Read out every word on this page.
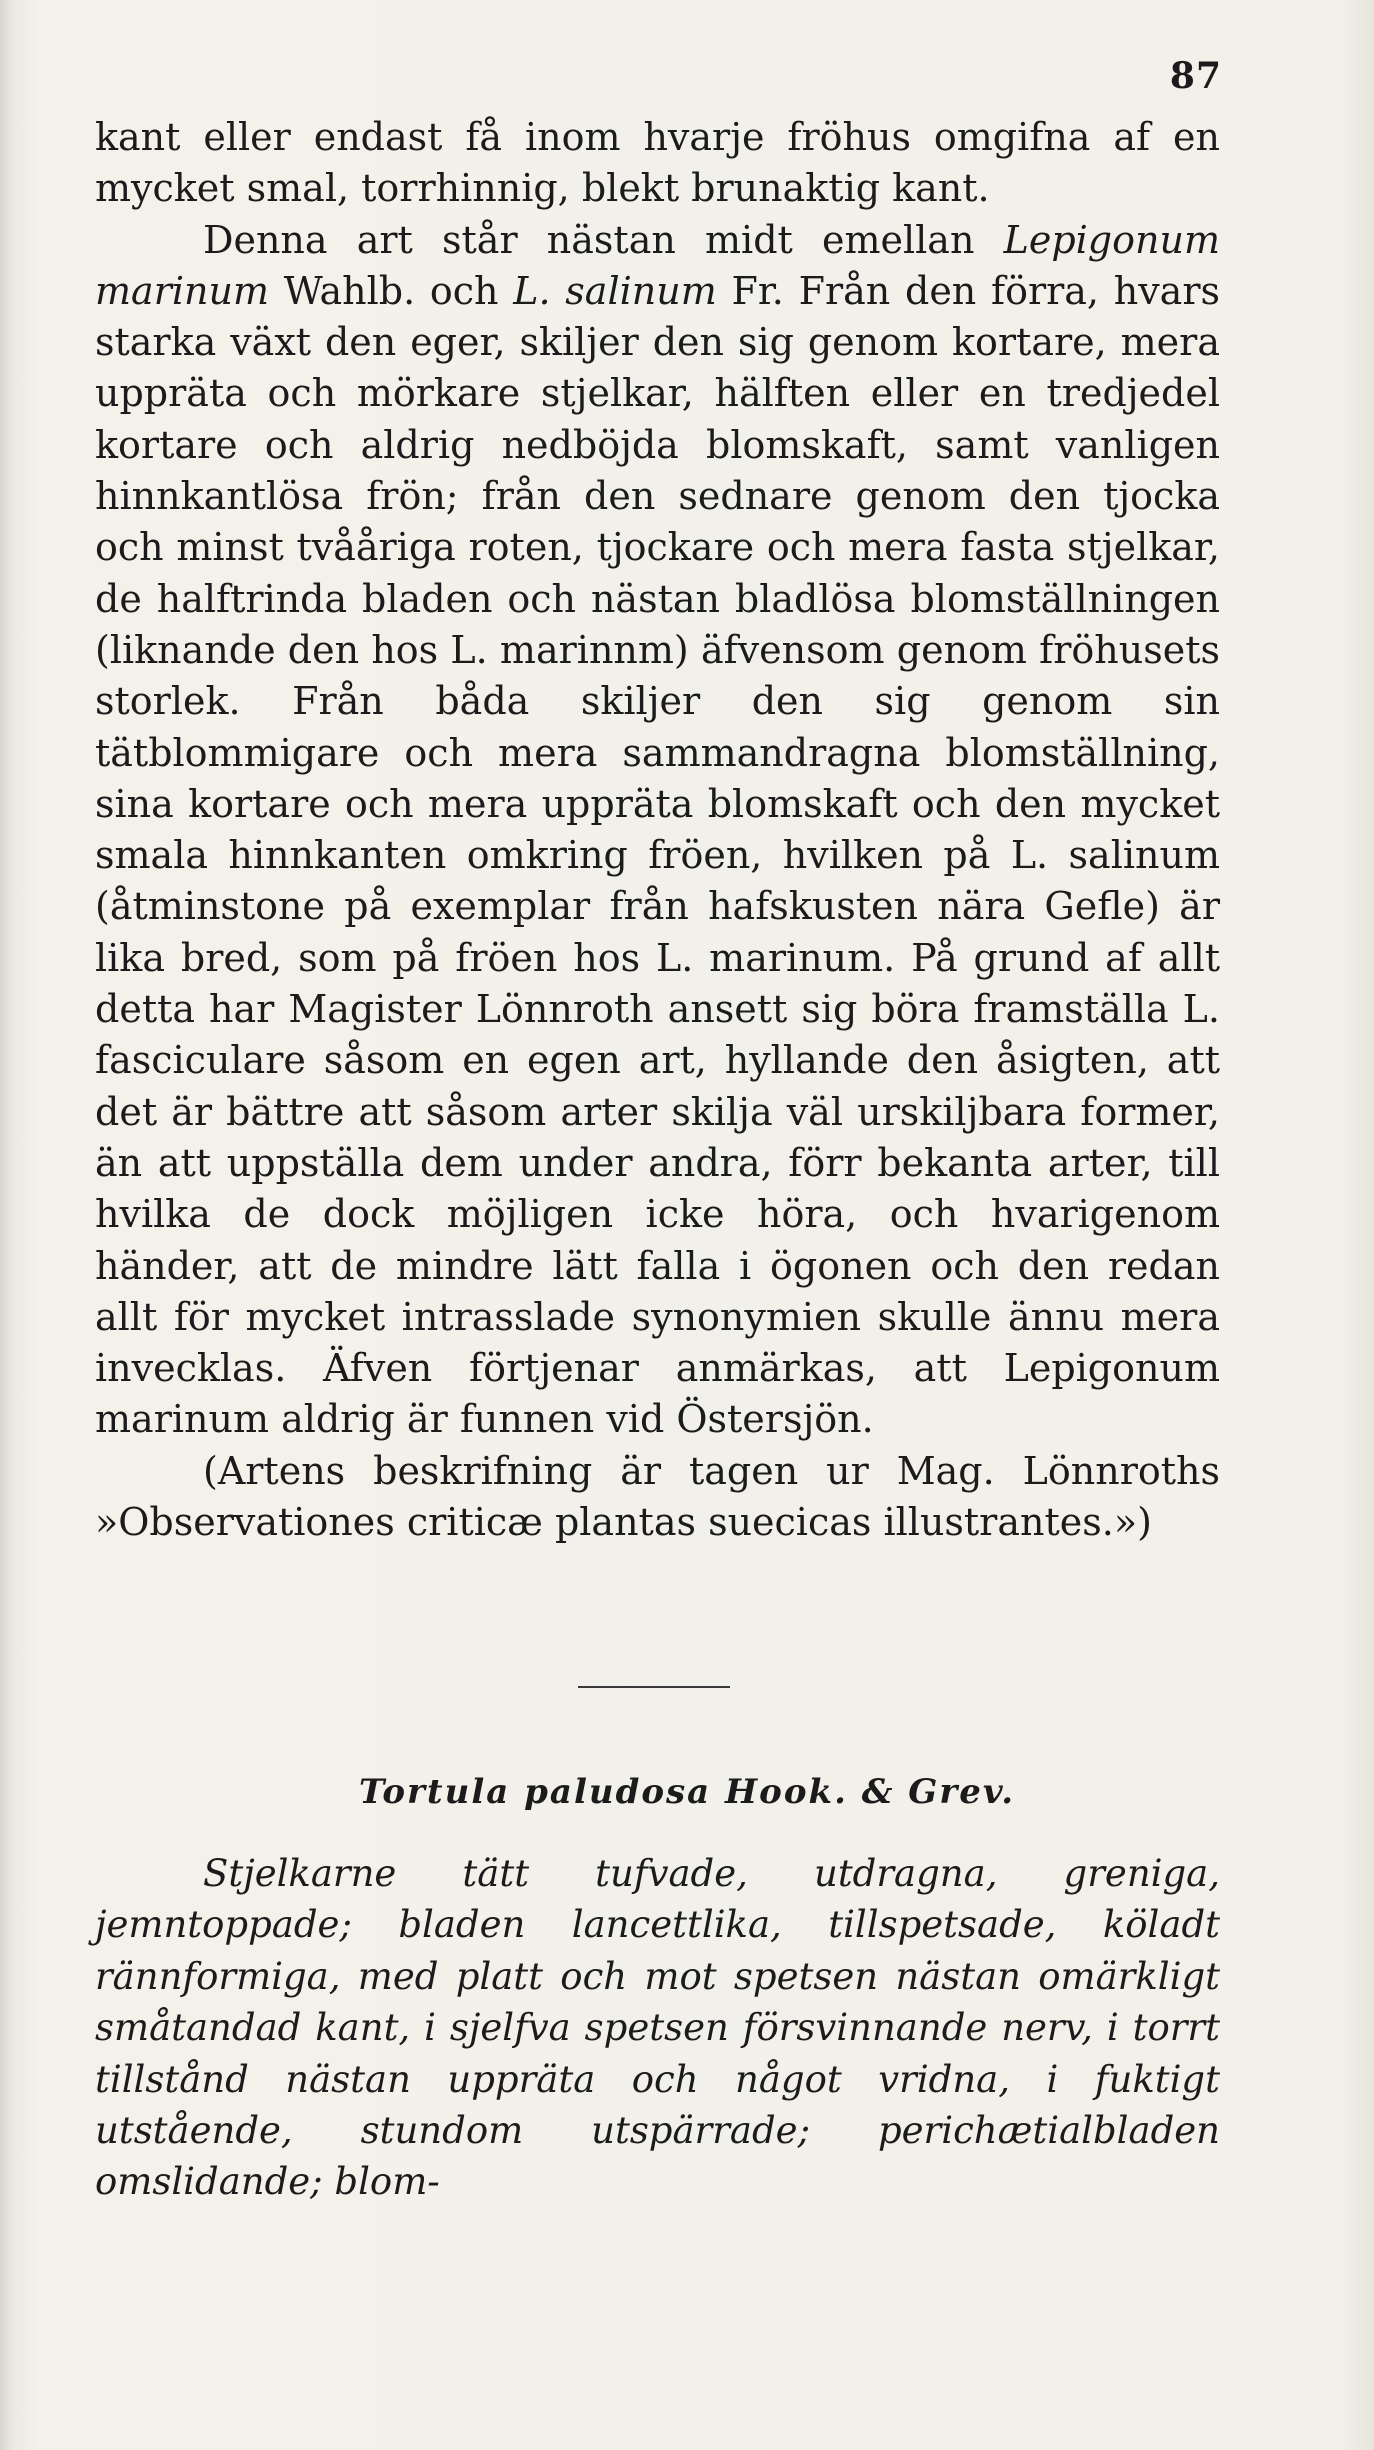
87

kant eller endast få inom hvarje fröhus omgifna af en mycket smal, torrhinnig, blekt brunaktig kant.

Denna art står nästan midt emellan Lepigonum marinum Wahlb. och L. salinum Fr. Från den förra, hvars starka växt den eger, skiljer den sig genom kortare, mera uppräta och mörkare stjelkar, hälften eller en tredjedel kortare och aldrig nedböjda blomskaft, samt vanligen hinnkantlösa frön; från den sednare genom den tjocka och minst tvååriga roten, tjockare och mera fasta stjelkar, de halftrinda bladen och nästan bladlösa blomställningen (liknande den hos L. marinnm) äfvensom genom fröhusets storlek. Från båda skiljer den sig genom sin tätblommigare och mera sammandragna blomställning, sina kortare och mera uppräta blomskaft och den mycket smala hinnkanten omkring fröen, hvilken på L. salinum (åtminstone på exemplar från hafskusten nära Gefle) är lika bred, som på fröen hos L. marinum. På grund af allt detta har Magister Lönnroth ansett sig böra framställa L. fasciculare såsom en egen art, hyllande den åsigten, att det är bättre att såsom arter skilja väl urskiljbara former, än att uppställa dem under andra, förr bekanta arter, till hvilka de dock möjligen icke höra, och hvarigenom händer, att de mindre lätt falla i ögonen och den redan allt för mycket intrasslade synonymien skulle ännu mera invecklas. Äfven förtjenar anmärkas, att Lepigonum marinum aldrig är funnen vid Östersjön.

(Artens beskrifning är tagen ur Mag. Lönnroths »Observationes criticæ plantas suecicas illustrantes.»)

Tortula paludosa Hook. & Grev.

Stjelkarne tätt tufvade, utdragna, greniga, jemntoppade; bladen lancettlika, tillspetsade, köladt rännformiga, med platt och mot spetsen nästan omärkligt småtandad kant, i sjelfva spetsen försvinnande nerv, i torrt tillstånd nästan uppräta och något vridna, i fuktigt utstående, stundom utspärrade; perichætialbladen omslidande; blom-
